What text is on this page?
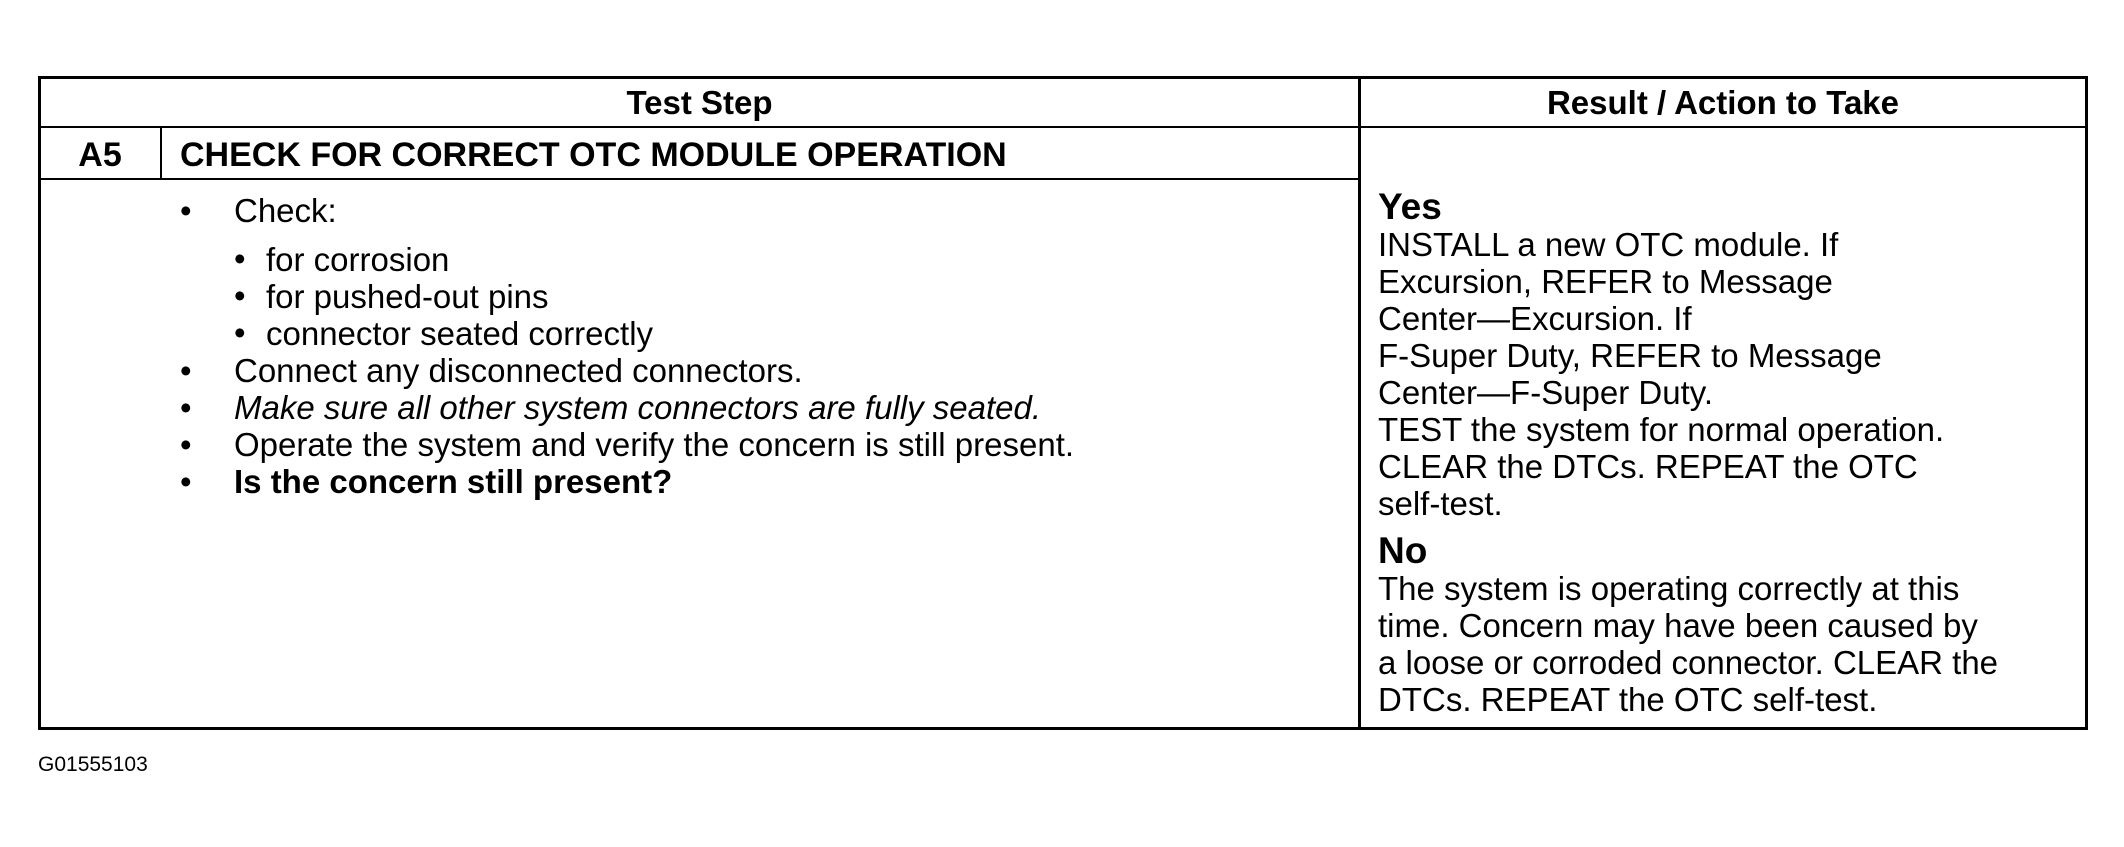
Test Step	Result / Action to Take
A5	CHECK FOR CORRECT OTC MODULE OPERATION
•	Check:
• for corrosion
• for pushed-out pins
• connector seated correctly
•	Connect any disconnected connectors.
•	Make sure all other system connectors are fully seated.
•	Operate the system and verify the concern is still present.
•	Is the concern still present?
Yes
INSTALL a new OTC module. If
Excursion, REFER to Message
Center—Excursion. If
F-Super Duty, REFER to Message
Center—F-Super Duty.
TEST the system for normal operation.
CLEAR the DTCs. REPEAT the OTC
self-test.
No
The system is operating correctly at this
time. Concern may have been caused by
a loose or corroded connector. CLEAR the
DTCs. REPEAT the OTC self-test.
G01555103
